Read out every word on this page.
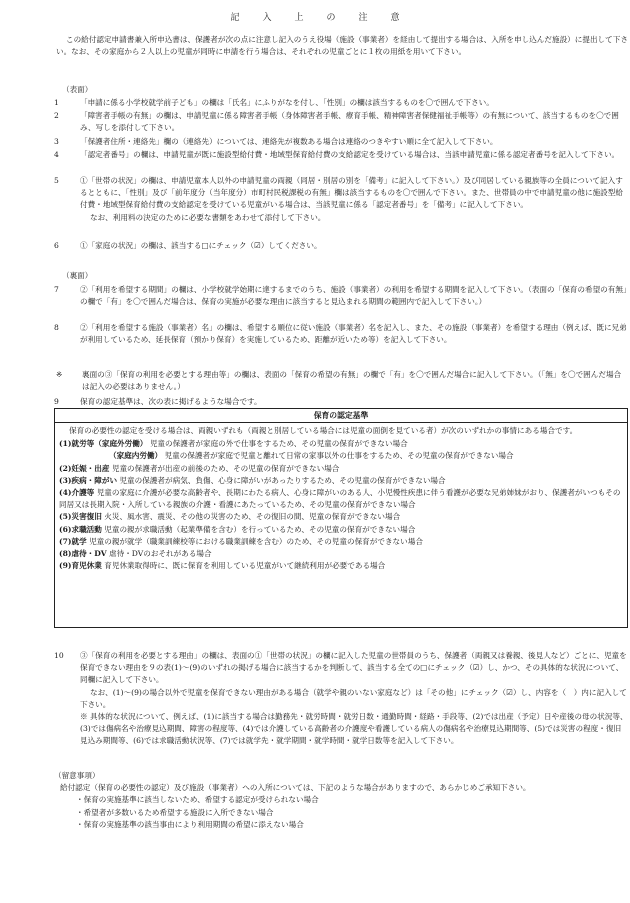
記入上の注意
この給付認定申請書兼入所申込書は、保護者が次の点に注意し記入のうえ役場（施設（事業者）を経由して提出する場合は、入所を申し込んだ施設）に提出して下さい。なお、その家庭から２人以上の児童が同時に申請を行う場合は、それぞれの児童ごとに１枚の用紙を用いて下さい。
（表面）
1	「申請に係る小学校就学前子ども」の欄は「氏名」にふりがなを付し、「性別」の欄は該当するものを〇で囲んで下さい。
2	「障害者手帳の有無」の欄は、申請児童に係る障害者手帳（身体障害者手帳、療育手帳、精神障害者保健福祉手帳等）の有無について、該当するものを〇で囲み、写しを添付して下さい。
3	「保護者住所・連絡先」欄の（連絡先）については、連絡先が複数ある場合は連絡のつきやすい順に全て記入して下さい。
4	「認定者番号」の欄は、申請児童が既に施設型給付費・地域型保育給付費の支給認定を受けている場合は、当該申請児童に係る認定者番号を記入して下さい。
5	①「世帯の状況」の欄は、申請児童本人以外の申請児童の両親（同居・別居の別を「備考」に記入して下さい。）及び同居している親族等の全員について記入するとともに、「性別」及び「前年度分（当年度分）市町村民税課税の有無」欄は該当するものを〇で囲んで下さい。また、世帯員の中で申請児童の他に施設型給付費・地域型保育給付費の支給認定を受けている児童がいる場合は、当該児童に係る「認定者番号」を「備考」に記入して下さい。
なお、利用料の決定のために必要な書類をあわせて添付して下さい。
6	①「家庭の状況」の欄は、該当する□にチェック（☑）してください。
（裏面）
7	②「利用を希望する期間」の欄は、小学校就学始期に達するまでのうち、施設（事業者）の利用を希望する期間を記入して下さい。（表面の「保育の希望の有無」の欄で「有」を〇で囲んだ場合は、保育の実施が必要な理由に該当すると見込まれる期間の範囲内で記入して下さい。）
8	②「利用を希望する施設（事業者）名」の欄は、希望する順位に従い施設（事業者）名を記入し、また、その施設（事業者）を希望する理由（例えば、既に兄弟が利用しているため、延長保育（預かり保育）を実施しているため、距離が近いため等）を記入して下さい。
※	裏面の③「保育の利用を必要とする理由等」の欄は、表面の「保育の希望の有無」の欄で「有」を〇で囲んだ場合に記入して下さい。（「無」を〇で囲んだ場合は記入の必要はありません。）
9	保育の認定基準は、次の表に掲げるような場合です。
保育の認定基準
保育の必要性の認定を受ける場合は、両親いずれも（両親と別居している場合には児童の面倒を見ている者）が次のいずれかの事情にある場合です。
(1)就労等（家庭外労働） 児童の保護者が家庭の外で仕事をするため、その児童の保育ができない場合
（家庭内労働） 児童の保護者が家庭で児童と離れて日常の家事以外の仕事をするため、その児童の保育ができない場合
(2)妊娠・出産 児童の保護者が出産の前後のため、その児童の保育ができない場合
(3)疾病・障がい 児童の保護者が病気、負傷、心身に障がいがあったりするため、その児童の保育ができない場合
(4)介護等 児童の家庭に介護が必要な高齢者や、長期にわたる病人、心身に障がいのある人、小児慢性疾患に伴う看護が必要な兄弟姉妹がおり、保護者がいつもその同居又は長期入院・入所している親族の介護・看護にあたっているため、その児童の保育ができない場合
(5)災害復旧 火災、風水害、震災、その他の災害のため、その復旧の間、児童の保育ができない場合
(6)求職活動 児童の親が求職活動（起業準備を含む）を行っているため、その児童の保育ができない場合
(7)就学 児童の親が就学（職業訓練校等における職業訓練を含む）のため、その児童の保育ができない場合
(8)虐待・DV 虐待・DVのおそれがある場合
(9)育児休業 育児休業取得時に、既に保育を利用している児童がいて継続利用が必要である場合
10	③「保育の利用を必要とする理由」の欄は、表面の①「世帯の状況」の欄に記入した児童の世帯員のうち、保護者（両親又は養親、後見人など）ごとに、児童を保育できない理由を９の表(1)～(9)のいずれの掲げる場合に該当するかを判断して、該当する全ての□にチェック（☑）し、かつ、その具体的な状況について、同欄に記入して下さい。
なお、(1)～(9)の場合以外で児童を保育できない理由がある場合（就学や親のいない家庭など）は「その他」にチェック（☑）し、内容を（　）内に記入して下さい。
※ 具体的な状況について、例えば、(1)に該当する場合は勤務先・就労時間・就労日数・通勤時間・経路・手段等、(2)では出産（予定）日や産後の母の状況等、(3)では傷病名や治療見込期間、障害の程度等、(4)では介護している高齢者の介護度や看護している病人の傷病名や治療見込期間等、(5)では災害の程度・復旧見込み期間等、(6)では求職活動状況等、(7)では就学先・就学期間・就学時間・就学日数等を記入して下さい。
（留意事項）
給付認定（保育の必要性の認定）及び施設（事業者）への入所については、下記のような場合がありますので、あらかじめご承知下さい。
・保育の実施基準に該当しないため、希望する認定が受けられない場合
・希望者が多数いるため希望する施設に入所できない場合
・保育の実施基準の該当事由により利用期間の希望に添えない場合
